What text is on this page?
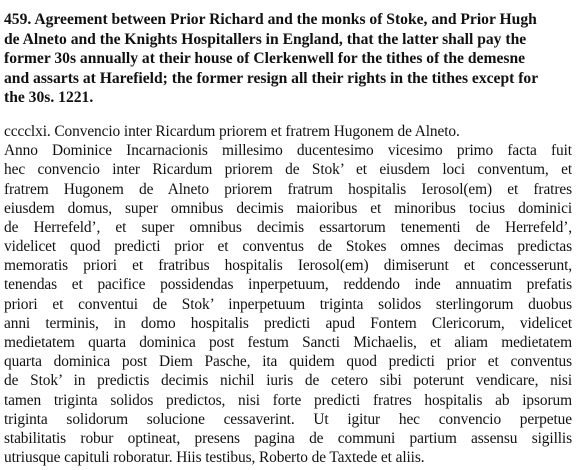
459. Agreement between Prior Richard and the monks of Stoke, and Prior Hugh
de Alneto and the Knights Hospitallers in England, that the latter shall pay the
former 30s annually at their house of Clerkenwell for the tithes of the demesne
and assarts at Harefield; the former resign all their rights in the tithes except for
the 30s. 1221.
cccclxi. Convencio inter Ricardum priorem et fratrem Hugonem de Alneto.
Anno Dominice Incarnacionis millesimo ducentesimo vicesimo primo facta fuit
hec convencio inter Ricardum priorem de Stok’ et eiusdem loci conventum, et
fratrem Hugonem de Alneto priorem fratrum hospitalis Ierosol(em) et fratres
eiusdem domus, super omnibus decimis maioribus et minoribus tocius dominici
de Herrefeld’, et super omnibus decimis essartorum tenementi de Herrefeld’,
videlicet quod predicti prior et conventus de Stokes omnes decimas predictas
memoratis priori et fratribus hospitalis Ierosol(em) dimiserunt et concesserunt,
tenendas et pacifice possidendas inperpetuum, reddendo inde annuatim prefatis
priori et conventui de Stok’ inperpetuum triginta solidos sterlingorum duobus
anni terminis, in domo hospitalis predicti apud Fontem Clericorum, videlicet
medietatem quarta dominica post festum Sancti Michaelis, et aliam medietatem
quarta dominica post Diem Pasche, ita quidem quod predicti prior et conventus
de Stok’ in predictis decimis nichil iuris de cetero sibi poterunt vendicare, nisi
tamen triginta solidos predictos, nisi forte predicti fratres hospitalis ab ipsorum
triginta solidorum solucione cessaverint. Ut igitur hec convencio perpetue
stabilitatis robur optineat, presens pagina de communi partium assensu sigillis
utriusque capituli roboratur. Hiis testibus, Roberto de Taxtede et aliis.
